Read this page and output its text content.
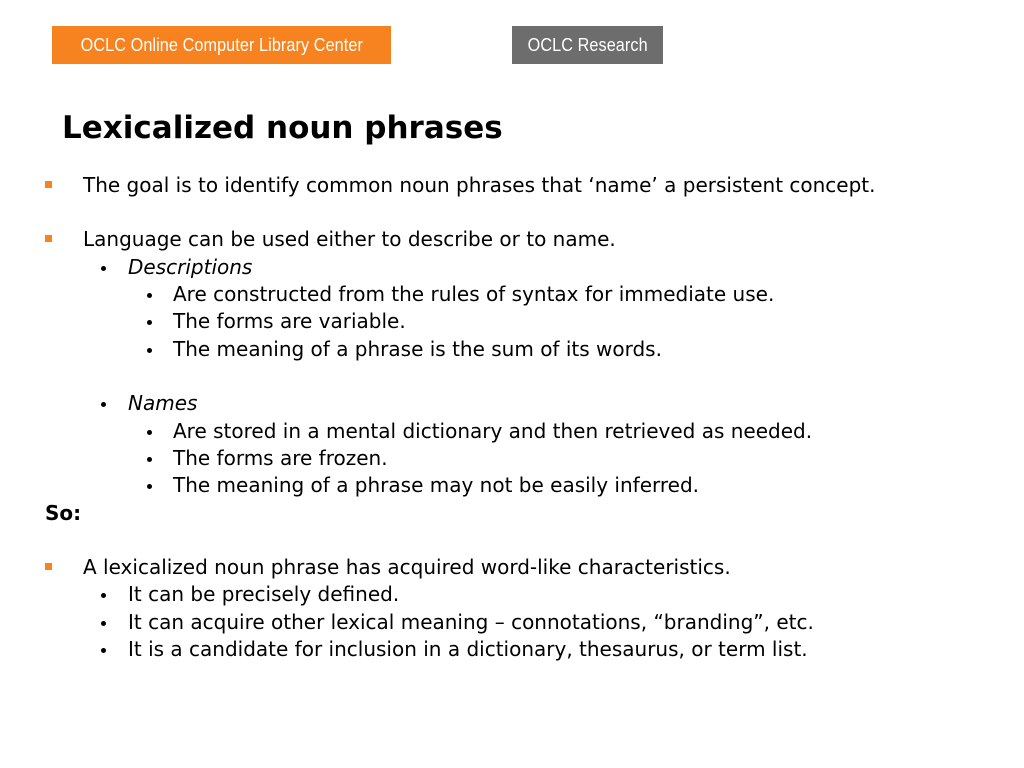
OCLC Online Computer Library Center	OCLC Research
Lexicalized noun phrases
The goal is to identify common noun phrases that ‘name’ a persistent concept.
Language can be used either to describe or to name.
Descriptions
Are constructed from the rules of syntax for immediate use.
The forms are variable.
The meaning of a phrase is the sum of its words.
Names
Are stored in a mental dictionary and then retrieved as needed.
The forms are frozen.
The meaning of a phrase may not be easily inferred.
So:
A lexicalized noun phrase has acquired word-like characteristics.
It can be precisely defined.
It can acquire other lexical meaning – connotations, “branding”, etc.
It is a candidate for inclusion in a dictionary, thesaurus, or term list.
